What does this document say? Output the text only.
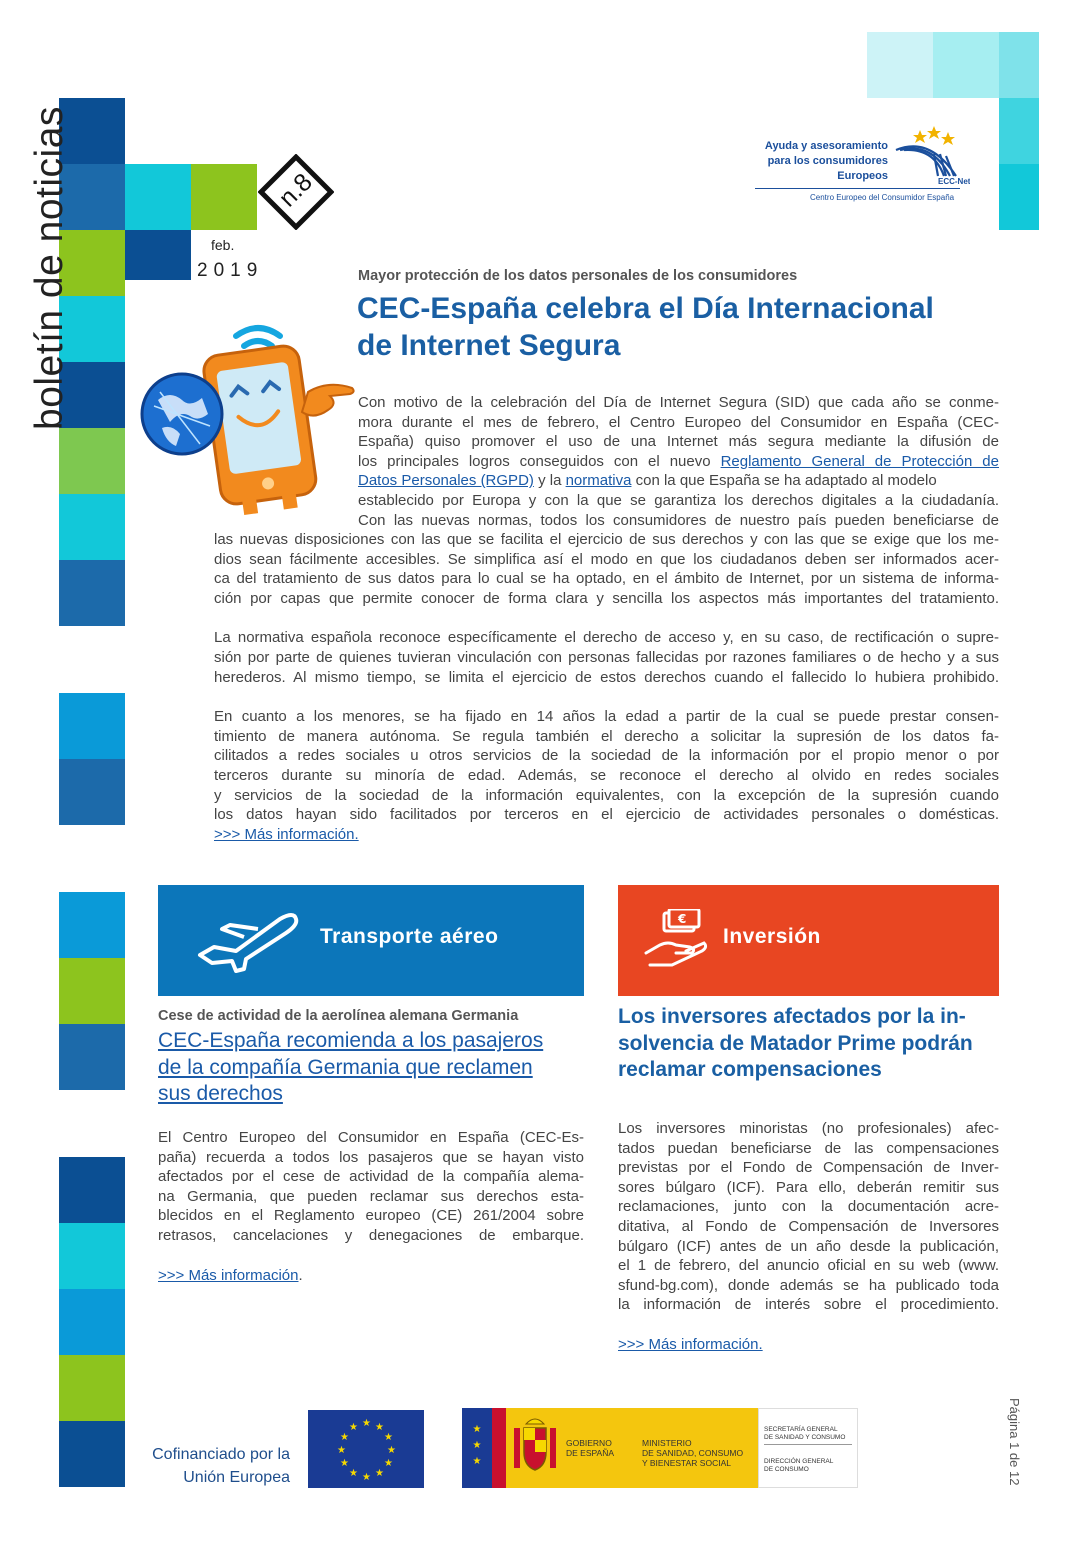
boletín de noticias	n.8
feb.
2019
Ayuda y asesoramiento
para los consumidores
Europeos	ECC-Net
Centro Europeo del Consumidor España
Mayor protección de los datos personales de los consumidores
CEC-España celebra el Día Internacional
de Internet Segura
Con motivo de la celebración del Día de Internet Segura (SID) que cada año se conme-
mora durante el mes de febrero, el Centro Europeo del Consumidor en España (CEC-
España) quiso promover el uso de una Internet más segura mediante la difusión de
los principales logros conseguidos con el nuevo Reglamento General de Protección de
Datos Personales (RGPD) y la normativa con la que España se ha adaptado al modelo
establecido por Europa y con la que se garantiza los derechos digitales a la ciudadanía.
Con las nuevas normas, todos los consumidores de nuestro país pueden beneficiarse de
las nuevas disposiciones con las que se facilita el ejercicio de sus derechos y con las que se exige que los me-
dios sean fácilmente accesibles. Se simplifica así el modo en que los ciudadanos deben ser informados acer-
ca del tratamiento de sus datos para lo cual se ha optado, en el ámbito de Internet, por un sistema de informa-
ción por capas que permite conocer de forma clara y sencilla los aspectos más importantes del tratamiento.
La normativa española reconoce específicamente el derecho de acceso y, en su caso, de rectificación o supre-
sión por parte de quienes tuvieran vinculación con personas fallecidas por razones familiares o de hecho y a sus
herederos. Al mismo tiempo, se limita el ejercicio de estos derechos cuando el fallecido lo hubiera prohibido.
En cuanto a los menores, se ha fijado en 14 años la edad a partir de la cual se puede prestar consen-
timiento de manera autónoma. Se regula también el derecho a solicitar la supresión de los datos fa-
cilitados a redes sociales u otros servicios de la sociedad de la información por el propio menor o por
terceros durante su minoría de edad. Además, se reconoce el derecho al olvido en redes sociales
y servicios de la sociedad de la información equivalentes, con la excepción de la supresión cuando
los datos hayan sido facilitados por terceros en el ejercicio de actividades personales o domésticas.
>>> Más información.
Transporte aéreo
Cese de actividad de la aerolínea alemana Germania
CEC-España recomienda a los pasajeros
de la compañía Germania que reclamen
sus derechos
El Centro Europeo del Consumidor en España (CEC-Es-
paña) recuerda a todos los pasajeros que se hayan visto
afectados por el cese de actividad de la compañía alema-
na Germania, que pueden reclamar sus derechos esta-
blecidos en el Reglamento europeo (CE) 261/2004 sobre
retrasos, cancelaciones y denegaciones de embarque.
>>> Más información.
€
Inversión
Los inversores afectados por la in-
solvencia de Matador Prime podrán
reclamar compensaciones
Los inversores minoristas (no profesionales) afec-
tados puedan beneficiarse de las compensaciones
previstas por el Fondo de Compensación de Inver-
sores búlgaro (ICF). Para ello, deberán remitir sus
reclamaciones, junto con la documentación acre-
ditativa, al Fondo de Compensación de Inversores
búlgaro (ICF) antes de un año desde la publicación,
el 1 de febrero, del anuncio oficial en su web (www.
sfund-bg.com), donde además se ha publicado toda
la información de interés sobre el procedimiento.
>>> Más información.
Cofinanciado por la
Unión Europea
★ ★
★
★
★
★
★
★
★
★
★
★	★
★
★
GOBIERNO
DE ESPAÑA
MINISTERIO
DE SANIDAD, CONSUMO
Y BIENESTAR SOCIAL
SECRETARÍA GENERAL
DE SANIDAD Y CONSUMO
DIRECCIÓN GENERAL
DE CONSUMO	Página 1 de 12
